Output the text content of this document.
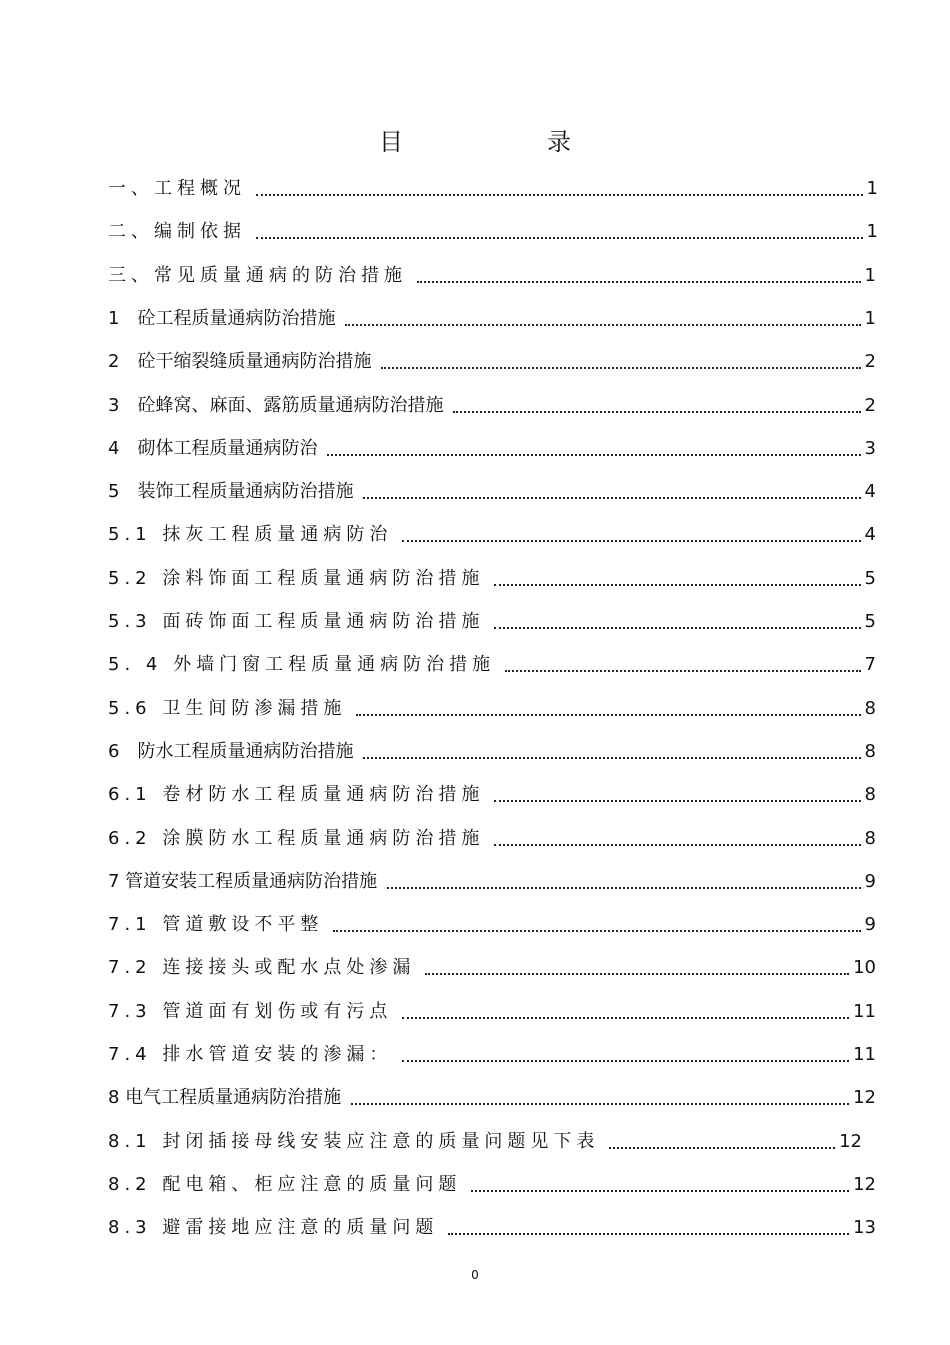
目　录
一、工程概况	1
二、编制依据	1
三、常见质量通病的防治措施	1
1　砼工程质量通病防治措施	1
2　砼干缩裂缝质量通病防治措施	2
3　砼蜂窝、麻面、露筋质量通病防治措施	2
4　砌体工程质量通病防治	3
5　装饰工程质量通病防治措施	4
5.1 抹灰工程质量通病防治	4
5.2 涂料饰面工程质量通病防治措施	5
5.3 面砖饰面工程质量通病防治措施	5
5. 4 外墙门窗工程质量通病防治措施	7
5.6 卫生间防渗漏措施	8
6　防水工程质量通病防治措施	8
6.1 卷材防水工程质量通病防治措施	8
6.2 涂膜防水工程质量通病防治措施	8
7 管道安装工程质量通病防治措施	9
7.1 管道敷设不平整	9
7.2 连接接头或配水点处渗漏	10
7.3 管道面有划伤或有污点	11
7.4 排水管道安装的渗漏：	11
8 电气工程质量通病防治措施	12
8.1 封闭插接母线安装应注意的质量问题见下表	12
8.2 配电箱、柜应注意的质量问题	12
8.3 避雷接地应注意的质量问题	13
0
